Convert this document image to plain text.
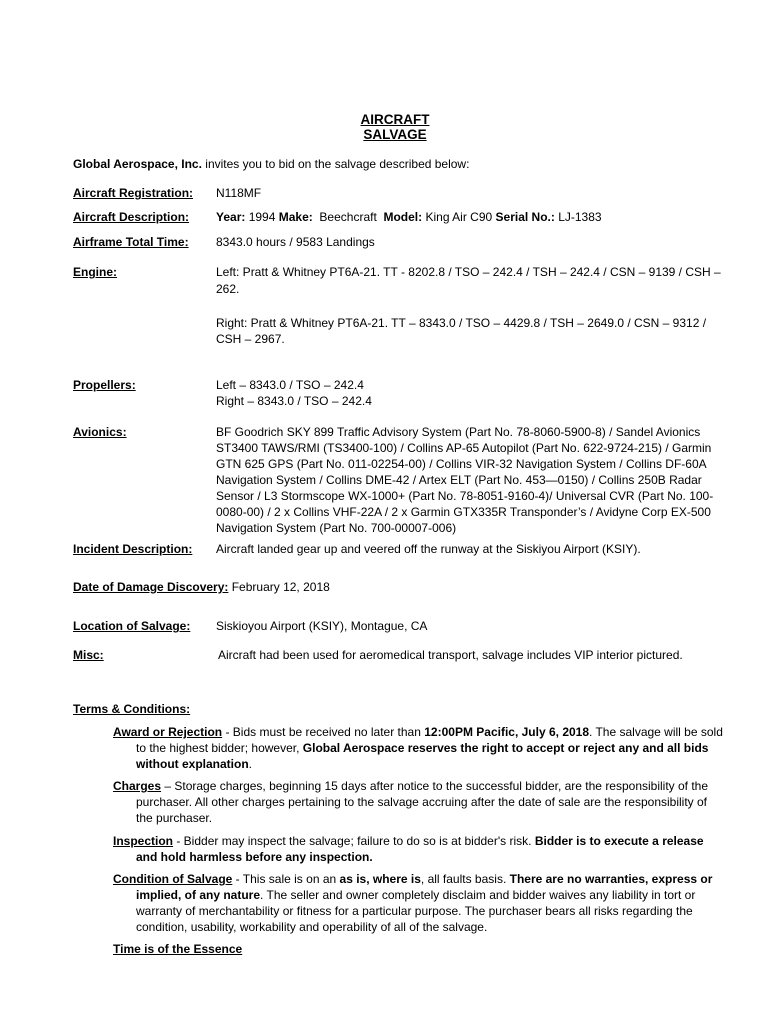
AIRCRAFT
SALVAGE
Global Aerospace, Inc. invites you to bid on the salvage described below:
Aircraft Registration: N118MF
Aircraft Description: Year: 1994 Make:  Beechcraft  Model: King Air C90 Serial No.: LJ-1383
Airframe Total Time: 8343.0 hours / 9583 Landings
Engine:	Left: Pratt & Whitney PT6A-21. TT - 8202.8 / TSO – 242.4 / TSH – 242.4 / CSN – 9139 / CSH – 262.
Right: Pratt & Whitney PT6A-21. TT – 8343.0 / TSO – 4429.8 / TSH – 2649.0 / CSN – 9312 / CSH – 2967.
Propellers:	Left – 8343.0 / TSO – 242.4
Right – 8343.0 / TSO – 242.4
Avionics:	BF Goodrich SKY 899 Traffic Advisory System (Part No. 78-8060-5900-8) / Sandel Avionics ST3400 TAWS/RMI (TS3400-100) / Collins AP-65 Autopilot (Part No. 622-9724-215) / Garmin GTN 625 GPS (Part No. 011-02254-00) / Collins VIR-32 Navigation System / Collins DF-60A Navigation System / Collins DME-42 / Artex ELT (Part No. 453—0150) / Collins 250B Radar Sensor / L3 Stormscope WX-1000+ (Part No. 78-8051-9160-4)/ Universal CVR (Part No. 100-0080-00) / 2 x Collins VHF-22A / 2 x Garmin GTX335R Transponder’s / Avidyne Corp EX-500 Navigation System (Part No. 700-00007-006)
Incident Description: Aircraft landed gear up and veered off the runway at the Siskiyou Airport (KSIY).
Date of Damage Discovery: February 12, 2018
Location of Salvage: Siskioyou Airport (KSIY), Montague, CA
Misc:	Aircraft had been used for aeromedical transport, salvage includes VIP interior pictured.
Terms & Conditions:
Award or Rejection - Bids must be received no later than 12:00PM Pacific, July 6, 2018. The salvage will be sold to the highest bidder; however, Global Aerospace reserves the right to accept or reject any and all bids without explanation.
Charges – Storage charges, beginning 15 days after notice to the successful bidder, are the responsibility of the purchaser. All other charges pertaining to the salvage accruing after the date of sale are the responsibility of the purchaser.
Inspection - Bidder may inspect the salvage; failure to do so is at bidder's risk. Bidder is to execute a release and hold harmless before any inspection.
Condition of Salvage - This sale is on an as is, where is, all faults basis. There are no warranties, express or implied, of any nature. The seller and owner completely disclaim and bidder waives any liability in tort or warranty of merchantability or fitness for a particular purpose. The purchaser bears all risks regarding the condition, usability, workability and operability of all of the salvage.
Time is of the Essence
